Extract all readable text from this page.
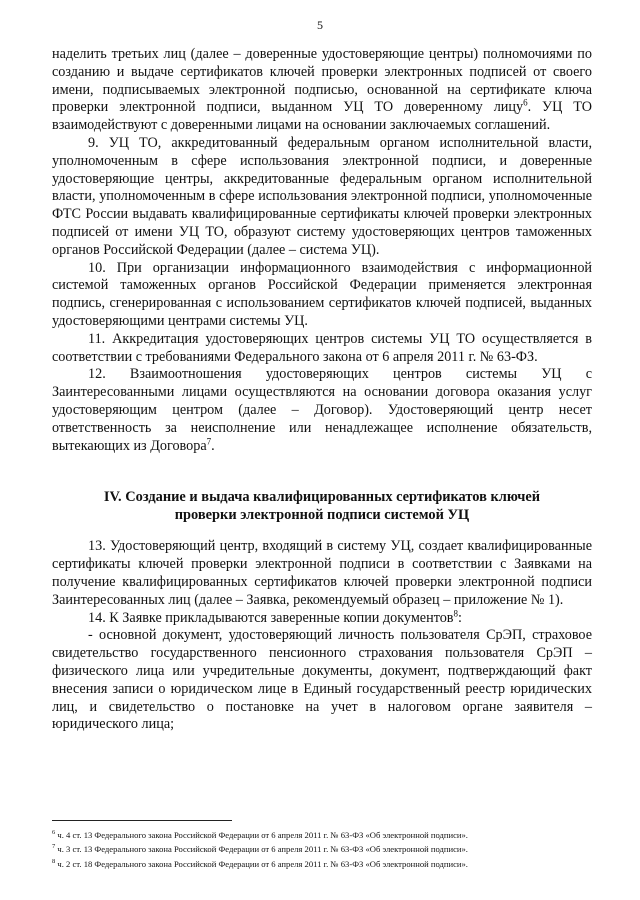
5

наделить третьих лиц (далее – доверенные удостоверяющие центры) полномочиями по созданию и выдаче сертификатов ключей проверки электронных подписей от своего имени, подписываемых электронной подписью, основанной на сертификате ключа проверки электронной подписи, выданном УЦ ТО доверенному лицу$^6$. УЦ ТО взаимодействуют с доверенными лицами на основании заключаемых соглашений.

9. УЦ ТО, аккредитованный федеральным органом исполнительной власти, уполномоченным в сфере использования электронной подписи, и доверенные удостоверяющие центры, аккредитованные федеральным органом исполнительной власти, уполномоченным в сфере использования электронной подписи, уполномоченные ФТС России выдавать квалифицированные сертификаты ключей проверки электронных подписей от имени УЦ ТО, образуют систему удостоверяющих центров таможенных органов Российской Федерации (далее – система УЦ).

10. При организации информационного взаимодействия с информационной системой таможенных органов Российской Федерации применяется электронная подпись, сгенерированная с использованием сертификатов ключей подписей, выданных удостоверяющими центрами системы УЦ.

11. Аккредитация удостоверяющих центров системы УЦ ТО осуществляется в соответствии с требованиями Федерального закона от 6 апреля 2011 г. № 63-ФЗ.

12. Взаимоотношения удостоверяющих центров системы УЦ с Заинтересованными лицами осуществляются на основании договора оказания услуг удостоверяющим центром (далее – Договор). Удостоверяющий центр несет ответственность за неисполнение или ненадлежащее исполнение обязательств, вытекающих из Договора$^7$.

IV. Создание и выдача квалифицированных сертификатов ключей
проверки электронной подписи системой УЦ

13. Удостоверяющий центр, входящий в систему УЦ, создает квалифицированные сертификаты ключей проверки электронной подписи в соответствии с Заявками на получение квалифицированных сертификатов ключей проверки электронной подписи Заинтересованных лиц (далее – Заявка, рекомендуемый образец – приложение № 1).

14. К Заявке прикладываются заверенные копии документов$^8$:

- основной документ, удостоверяющий личность пользователя СрЭП, страховое свидетельство государственного пенсионного страхования пользователя СрЭП – физического лица или учредительные документы, документ, подтверждающий факт внесения записи о юридическом лице в Единый государственный реестр юридических лиц, и свидетельство о постановке на учет в налоговом органе заявителя – юридического лица;

$^6$ ч. 4 ст. 13 Федерального закона Российской Федерации от 6 апреля 2011 г. № 63-ФЗ «Об электронной подписи».
$^7$ ч. 3 ст. 13 Федерального закона Российской Федерации от 6 апреля 2011 г. № 63-ФЗ «Об электронной подписи».
$^8$ ч. 2 ст. 18 Федерального закона Российской Федерации от 6 апреля 2011 г. № 63-ФЗ «Об электронной подписи».
